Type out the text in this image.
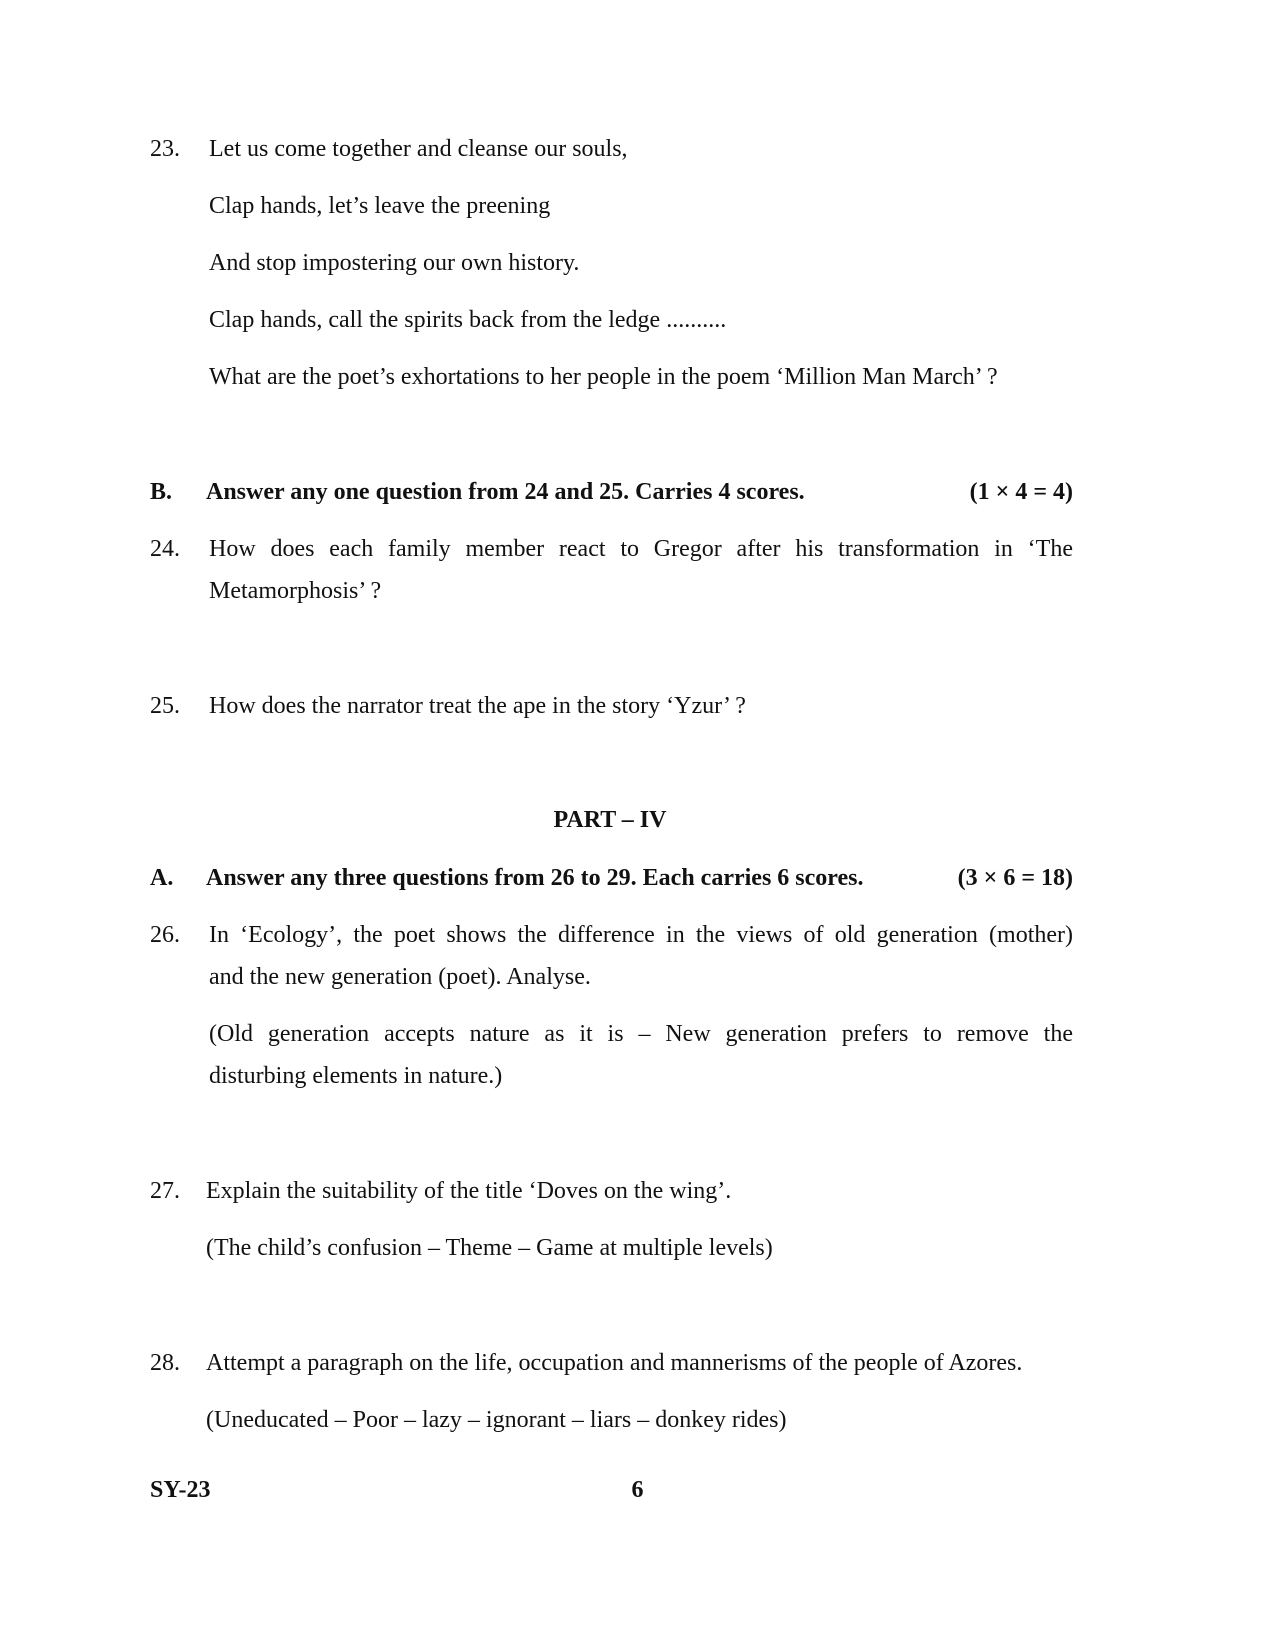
23. Let us come together and cleanse our souls,
Clap hands, let’s leave the preening
And stop impostering our own history.
Clap hands, call the spirits back from the ledge ..........
What are the poet’s exhortations to her people in the poem ‘Million Man March’ ?
B. Answer any one question from 24 and 25. Carries 4 scores.	(1 × 4 = 4)
24. How does each family member react to Gregor after his transformation in ‘The
Metamorphosis’ ?
25. How does the narrator treat the ape in the story ‘Yzur’ ?
PART – IV
A. Answer any three questions from 26 to 29. Each carries 6 scores.	(3 × 6 = 18)
26. In ‘Ecology’, the poet shows the difference in the views of old generation (mother)
and the new generation (poet). Analyse.
(Old generation accepts nature as it is – New generation prefers to remove the
disturbing elements in nature.)
27. Explain the suitability of the title ‘Doves on the wing’.
(The child’s confusion – Theme – Game at multiple levels)
28. Attempt a paragraph on the life, occupation and mannerisms of the people of Azores.
(Uneducated – Poor – lazy – ignorant – liars – donkey rides)
SY-23	6
